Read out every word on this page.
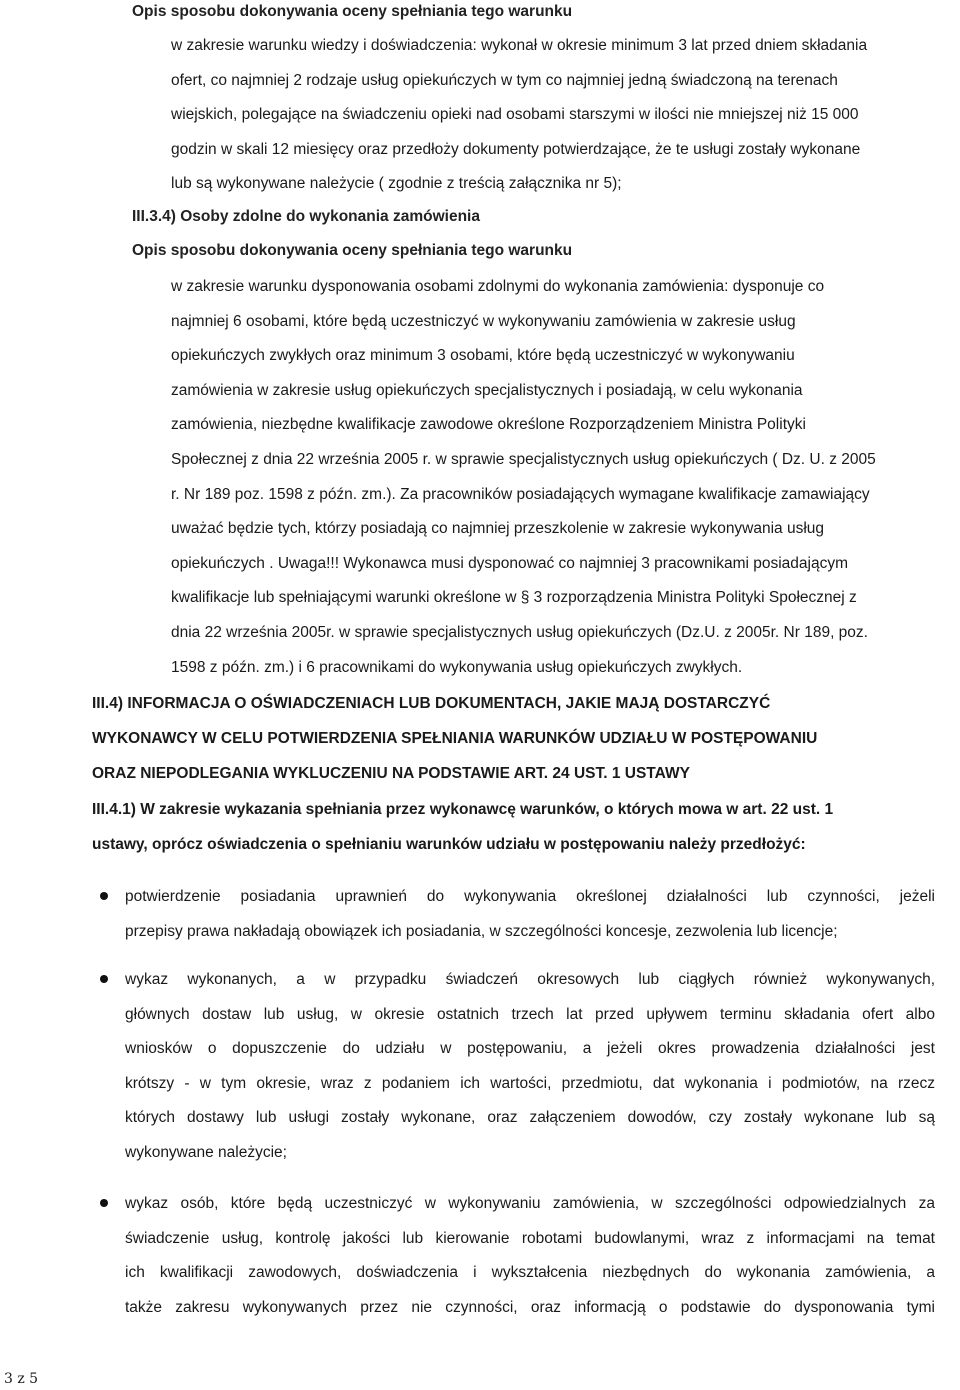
Opis sposobu dokonywania oceny spełniania tego warunku
w zakresie warunku wiedzy i doświadczenia: wykonał w okresie minimum 3 lat przed dniem składania
ofert, co najmniej 2 rodzaje usług opiekuńczych w tym co najmniej jedną świadczoną na terenach
wiejskich, polegające na świadczeniu opieki nad osobami starszymi w ilości nie mniejszej niż 15 000
godzin w skali 12 miesięcy oraz przedłoży dokumenty potwierdzające, że te usługi zostały wykonane
lub są wykonywane należycie ( zgodnie z treścią załącznika nr 5);
III.3.4) Osoby zdolne do wykonania zamówienia
Opis sposobu dokonywania oceny spełniania tego warunku
w zakresie warunku dysponowania osobami zdolnymi do wykonania zamówienia: dysponuje co
najmniej 6 osobami, które będą uczestniczyć w wykonywaniu zamówienia w zakresie usług
opiekuńczych zwykłych oraz minimum 3 osobami, które będą uczestniczyć w wykonywaniu
zamówienia w zakresie usług opiekuńczych specjalistycznych i posiadają, w celu wykonania
zamówienia, niezbędne kwalifikacje zawodowe określone Rozporządzeniem Ministra Polityki
Społecznej z dnia 22 września 2005 r. w sprawie specjalistycznych usług opiekuńczych ( Dz. U. z 2005
r. Nr 189 poz. 1598 z późn. zm.). Za pracowników posiadających wymagane kwalifikacje zamawiający
uważać będzie tych, którzy posiadają co najmniej przeszkolenie w zakresie wykonywania usług
opiekuńczych . Uwaga!!! Wykonawca musi dysponować co najmniej 3 pracownikami posiadającym
kwalifikacje lub spełniającymi warunki określone w § 3 rozporządzenia Ministra Polityki Społecznej z
dnia 22 września 2005r. w sprawie specjalistycznych usług opiekuńczych (Dz.U. z 2005r. Nr 189, poz.
1598 z późn. zm.) i 6 pracownikami do wykonywania usług opiekuńczych zwykłych.
III.4) INFORMACJA O OŚWIADCZENIACH LUB DOKUMENTACH, JAKIE MAJĄ DOSTARCZYĆ
WYKONAWCY W CELU POTWIERDZENIA SPEŁNIANIA WARUNKÓW UDZIAŁU W POSTĘPOWANIU
ORAZ NIEPODLEGANIA WYKLUCZENIU NA PODSTAWIE ART. 24 UST. 1 USTAWY
III.4.1) W zakresie wykazania spełniania przez wykonawcę warunków, o których mowa w art. 22 ust. 1
ustawy, oprócz oświadczenia o spełnianiu warunków udziału w postępowaniu należy przedłożyć:
potwierdzenie posiadania uprawnień do wykonywania określonej działalności lub czynności, jeżeli
przepisy prawa nakładają obowiązek ich posiadania, w szczególności koncesje, zezwolenia lub licencje;
wykaz wykonanych, a w przypadku świadczeń okresowych lub ciągłych również wykonywanych,
głównych dostaw lub usług, w okresie ostatnich trzech lat przed upływem terminu składania ofert albo
wniosków o dopuszczenie do udziału w postępowaniu, a jeżeli okres prowadzenia działalności jest
krótszy - w tym okresie, wraz z podaniem ich wartości, przedmiotu, dat wykonania i podmiotów, na rzecz
których dostawy lub usługi zostały wykonane, oraz załączeniem dowodów, czy zostały wykonane lub są
wykonywane należycie;
wykaz osób, które będą uczestniczyć w wykonywaniu zamówienia, w szczególności odpowiedzialnych za
świadczenie usług, kontrolę jakości lub kierowanie robotami budowlanymi, wraz z informacjami na temat
ich kwalifikacji zawodowych, doświadczenia i wykształcenia niezbędnych do wykonania zamówienia, a
także zakresu wykonywanych przez nie czynności, oraz informacją o podstawie do dysponowania tymi
3 z 5
